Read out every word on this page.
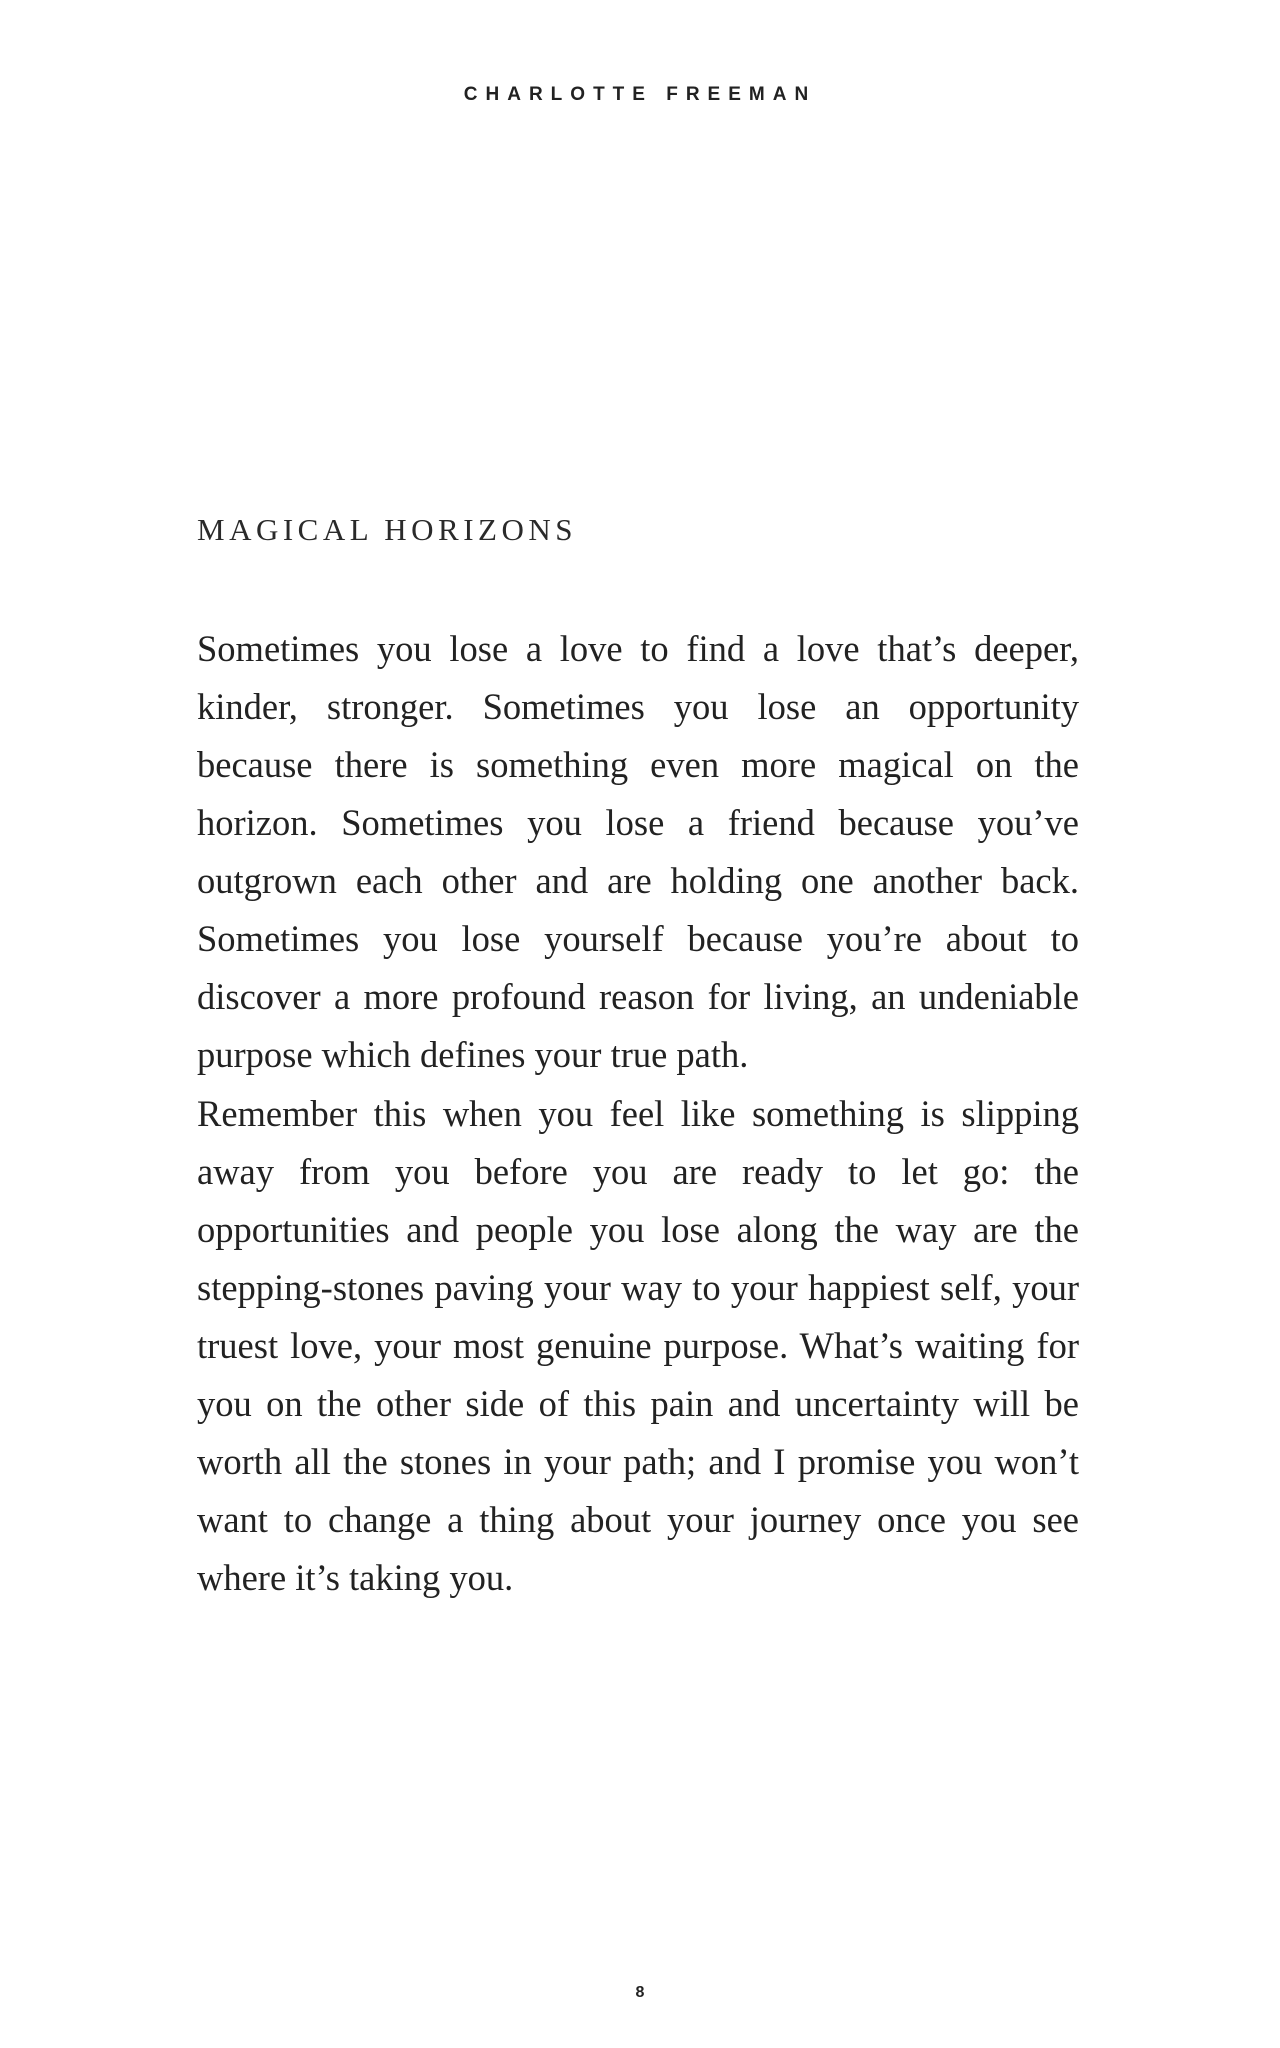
CHARLOTTE FREEMAN
MAGICAL HORIZONS

Sometimes you lose a love to find a love that’s deeper, kinder, stronger. Sometimes you lose an opportunity because there is something even more magical on the horizon. Sometimes you lose a friend because you’ve outgrown each other and are holding one another back. Sometimes you lose yourself because you’re about to discover a more profound reason for living, an undeniable purpose which defines your true path.

Remember this when you feel like something is slipping away from you before you are ready to let go: the opportunities and people you lose along the way are the stepping-stones paving your way to your happiest self, your truest love, your most genuine purpose. What’s waiting for you on the other side of this pain and uncertainty will be worth all the stones in your path; and I promise you won’t want to change a thing about your journey once you see where it’s taking you.

8
